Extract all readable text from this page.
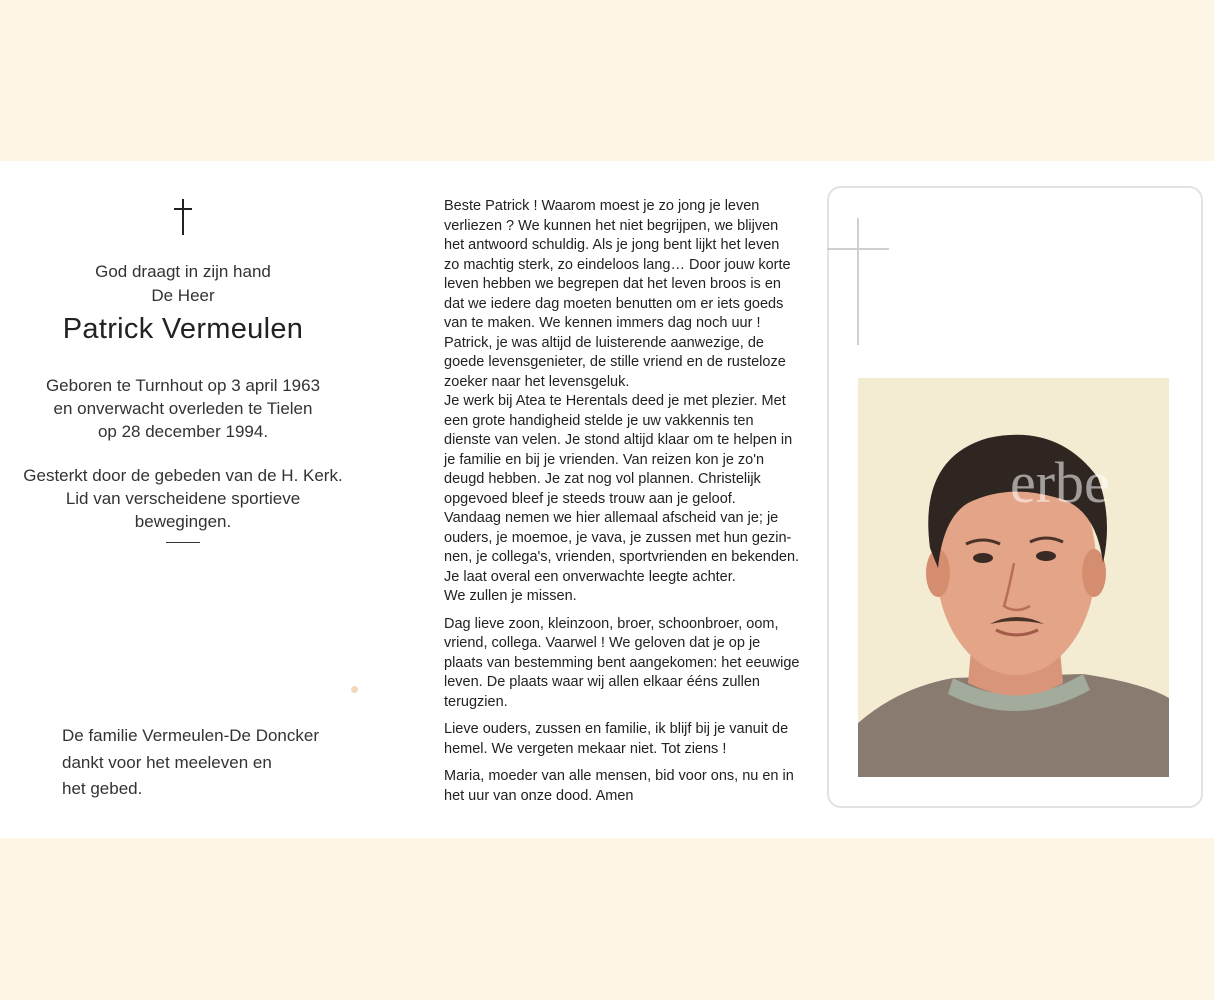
God draagt in zijn hand
De Heer
Patrick Vermeulen
Geboren te Turnhout op 3 april 1963
en onverwacht overleden te Tielen
op 28 december 1994.
Gesterkt door de gebeden van de H. Kerk.
Lid van verscheidene sportieve
bewegingen.
De familie Vermeulen-De Doncker
dankt voor het meeleven en
het gebed.

Beste Patrick ! Waarom moest je zo jong je leven
verliezen ? We kunnen het niet begrijpen, we blijven
het antwoord schuldig. Als je jong bent lijkt het leven
zo machtig sterk, zo eindeloos lang… Door jouw korte
leven hebben we begrepen dat het leven broos is en
dat we iedere dag moeten benutten om er iets goeds
van te maken. We kennen immers dag noch uur !
Patrick, je was altijd de luisterende aanwezige, de
goede levensgenieter, de stille vriend en de rusteloze
zoeker naar het levensgeluk.
Je werk bij Atea te Herentals deed je met plezier. Met
een grote handigheid stelde je uw vakkennis ten
dienste van velen. Je stond altijd klaar om te helpen in
je familie en bij je vrienden. Van reizen kon je zo'n
deugd hebben. Je zat nog vol plannen. Christelijk
opgevoed bleef je steeds trouw aan je geloof.
Vandaag nemen we hier allemaal afscheid van je; je
ouders, je moemoe, je vava, je zussen met hun gezin-
nen, je collega's, vrienden, sportvrienden en bekenden.
Je laat overal een onverwachte leegte achter.
We zullen je missen.

Dag lieve zoon, kleinzoon, broer, schoonbroer, oom,
vriend, collega. Vaarwel ! We geloven dat je op je
plaats van bestemming bent aangekomen: het eeuwige
leven. De plaats waar wij allen elkaar ééns zullen
terugzien.

Lieve ouders, zussen en familie, ik blijf bij je vanuit de
hemel. We vergeten mekaar niet. Tot ziens !

Maria, moeder van alle mensen, bid voor ons, nu en in
het uur van onze dood. Amen

erbe
